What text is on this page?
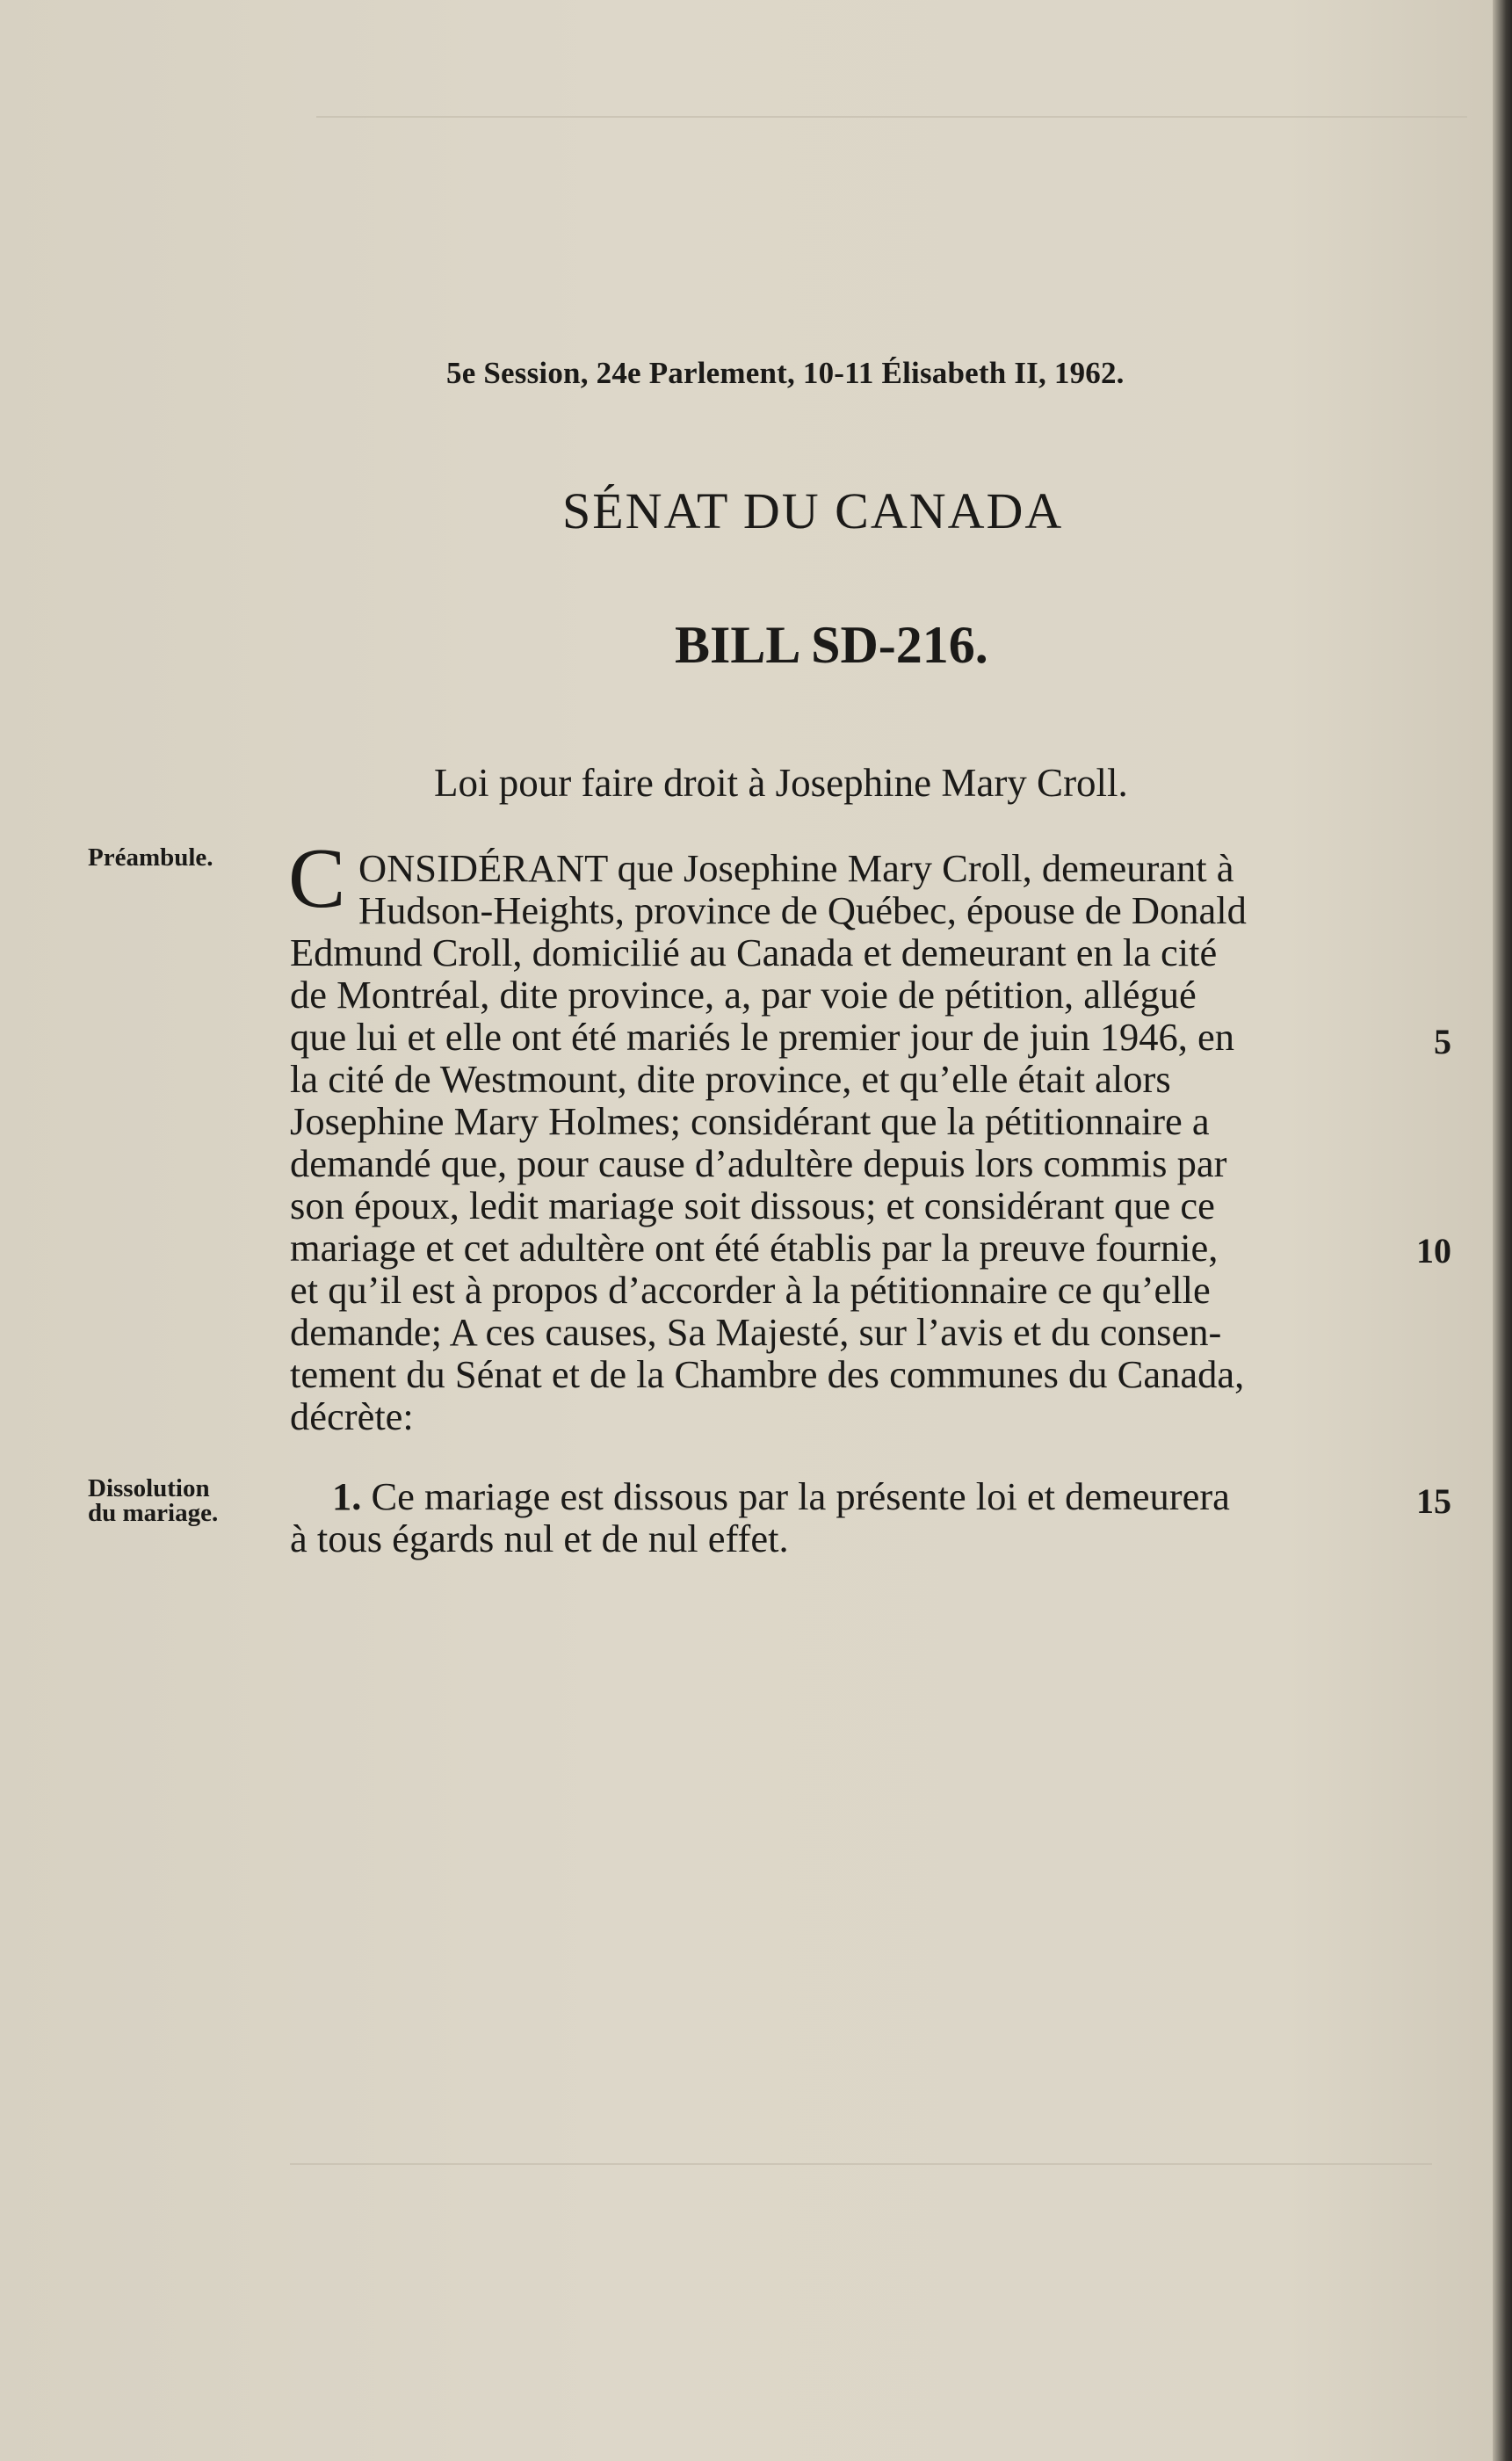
5e Session, 24e Parlement, 10-11 Élisabeth II, 1962.
SÉNAT DU CANADA
BILL SD-216.
Loi pour faire droit à Josephine Mary Croll.
Préambule.
Dissolution
du mariage.
C ONSIDÉRANT que Josephine Mary Croll, demeurant à
Hudson-Heights, province de Québec, épouse de Donald
Edmund Croll, domicilié au Canada et demeurant en la cité
de Montréal, dite province, a, par voie de pétition, allégué
que lui et elle ont été mariés le premier jour de juin 1946, en
la cité de Westmount, dite province, et qu’elle était alors
Josephine Mary Holmes; considérant que la pétitionnaire a
demandé que, pour cause d’adultère depuis lors commis par
son époux, ledit mariage soit dissous; et considérant que ce
mariage et cet adultère ont été établis par la preuve fournie,
et qu’il est à propos d’accorder à la pétitionnaire ce qu’elle
demande; A ces causes, Sa Majesté, sur l’avis et du consen-
tement du Sénat et de la Chambre des communes du Canada,
décrète:
1. Ce mariage est dissous par la présente loi et demeurera
à tous égards nul et de nul effet.
5
10
15
